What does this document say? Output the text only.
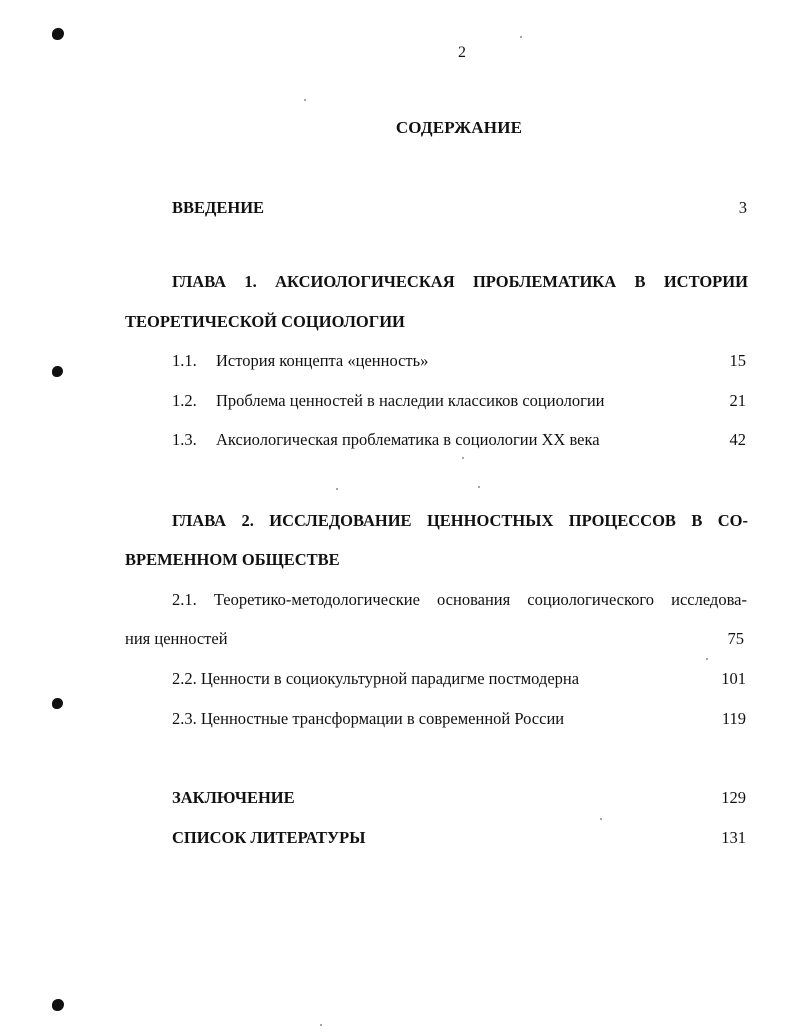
2
СОДЕРЖАНИЕ
ВВЕДЕНИЕ	3
ГЛАВА 1. АКСИОЛОГИЧЕСКАЯ ПРОБЛЕМАТИКА В ИСТОРИИ
ТЕОРЕТИЧЕСКОЙ СОЦИОЛОГИИ
1.1. История концепта «ценность»	15
1.2. Проблема ценностей в наследии классиков социологии	21
1.3. Аксиологическая проблематика в социологии XX века	42
ГЛАВА 2. ИССЛЕДОВАНИЕ ЦЕННОСТНЫХ ПРОЦЕССОВ В СО-
ВРЕМЕННОМ ОБЩЕСТВЕ
2.1. Теоретико-методологические основания социологического исследова-
ния ценностей	75
2.2. Ценности в социокультурной парадигме постмодерна	101
2.3. Ценностные трансформации в современной России	119
ЗАКЛЮЧЕНИЕ	129
СПИСОК ЛИТЕРАТУРЫ	131
